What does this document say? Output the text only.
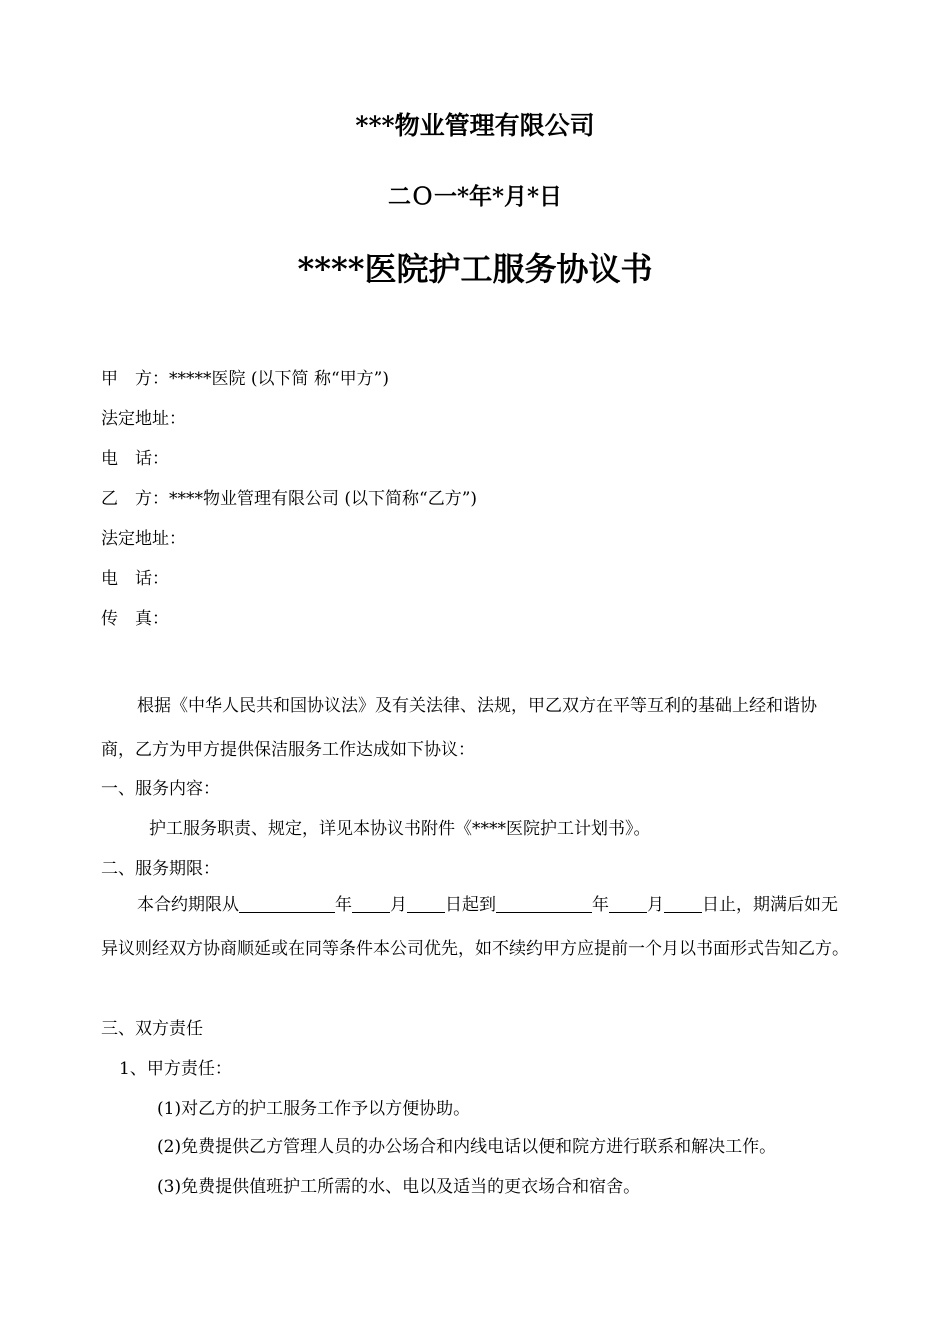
***物业管理有限公司
二Ｏ一*年*月*日
****医院护工服务协议书
甲　方：*****医院 (以下简 称“甲方”)
法定地址：
电　话：
乙　方：****物业管理有限公司 (以下简称“乙方”)
法定地址：
电　话：
传　真：
根据《中华人民共和国协议法》及有关法律、法规，甲乙双方在平等互利的基础上经和谐协商，乙方为甲方提供保洁服务工作达成如下协议：
一、服务内容：
护工服务职责、规定，详见本协议书附件《****医院护工计划书》。
二、服务期限：
本合约期限从	年 月 日起到	年 月 日止，期满后如无异议则经双方协商顺延或在同等条件本公司优先，如不续约甲方应提前一个月以书面形式告知乙方。
三、双方责任
1、甲方责任：
(1)对乙方的护工服务工作予以方便协助。
(2)免费提供乙方管理人员的办公场合和内线电话以便和院方进行联系和解决工作。
(3)免费提供值班护工所需的水、电以及适当的更衣场合和宿舍。
